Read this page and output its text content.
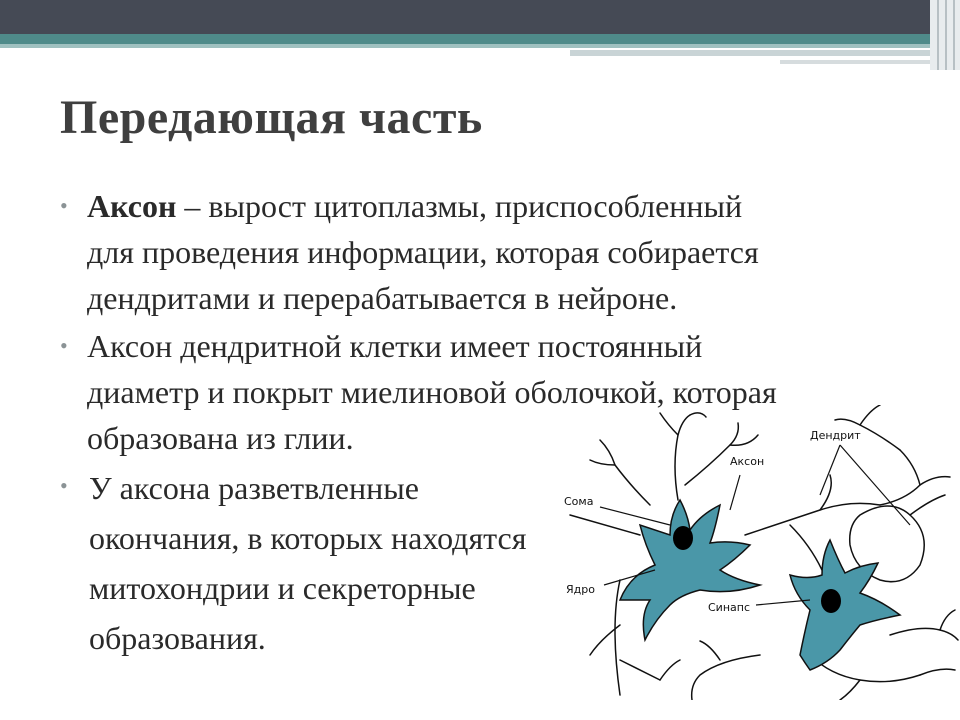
Передающая часть
• Аксон – вырост цитоплазмы, приспособленный
для проведения информации, которая собирается
дендритами и перерабатывается в нейроне.
• Аксон дендритной клетки имеет постоянный
диаметр и покрыт миелиновой оболочкой, которая
образована из глии.
• У аксона разветвленные
окончания, в которых находятся
митохондрии и секреторные
образования.
Сома
Ядро
Аксон
Дендрит
Синапс
